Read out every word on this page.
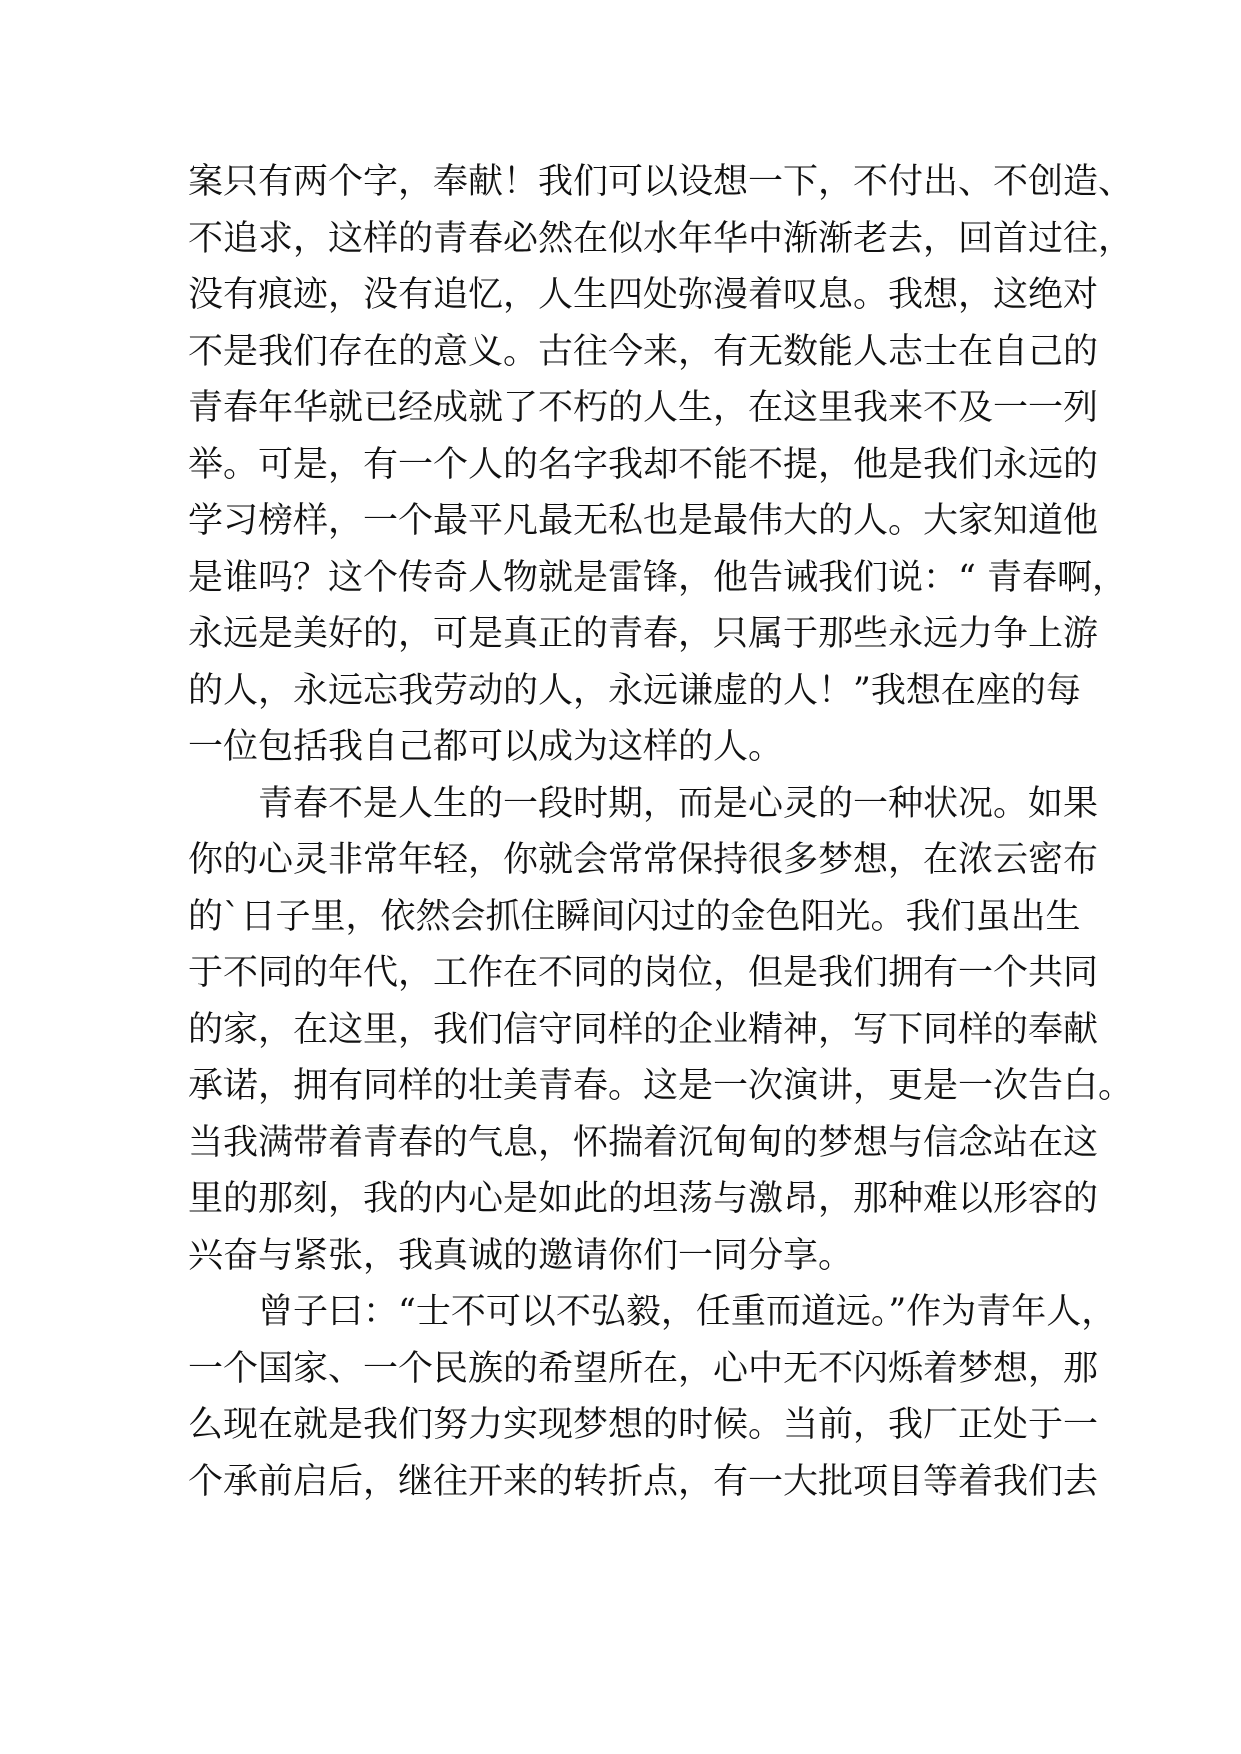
案只有两个字，奉献！我们可以设想一下，不付出、不创造、
不追求，这样的青春必然在似水年华中渐渐老去，回首过往，
没有痕迹，没有追忆，人生四处弥漫着叹息。我想，这绝对
不是我们存在的意义。古往今来，有无数能人志士在自己的
青春年华就已经成就了不朽的人生，在这里我来不及一一列
举。可是，有一个人的名字我却不能不提，他是我们永远的
学习榜样，一个最平凡最无私也是最伟大的人。大家知道他
是谁吗？这个传奇人物就是雷锋，他告诫我们说：“ 青春啊，
永远是美好的，可是真正的青春，只属于那些永远力争上游
的人，永远忘我劳动的人，永远谦虚的人！”我想在座的每
一位包括我自己都可以成为这样的人。
　　青春不是人生的一段时期，而是心灵的一种状况。如果
你的心灵非常年轻，你就会常常保持很多梦想，在浓云密布
的`日子里，依然会抓住瞬间闪过的金色阳光。我们虽出生
于不同的年代，工作在不同的岗位，但是我们拥有一个共同
的家，在这里，我们信守同样的企业精神，写下同样的奉献
承诺，拥有同样的壮美青春。这是一次演讲，更是一次告白。
当我满带着青春的气息，怀揣着沉甸甸的梦想与信念站在这
里的那刻，我的内心是如此的坦荡与激昂，那种难以形容的
兴奋与紧张，我真诚的邀请你们一同分享。
　　曾子曰：“士不可以不弘毅，任重而道远。”作为青年人，
一个国家、一个民族的希望所在，心中无不闪烁着梦想，那
么现在就是我们努力实现梦想的时候。当前，我厂正处于一
个承前启后，继往开来的转折点，有一大批项目等着我们去
